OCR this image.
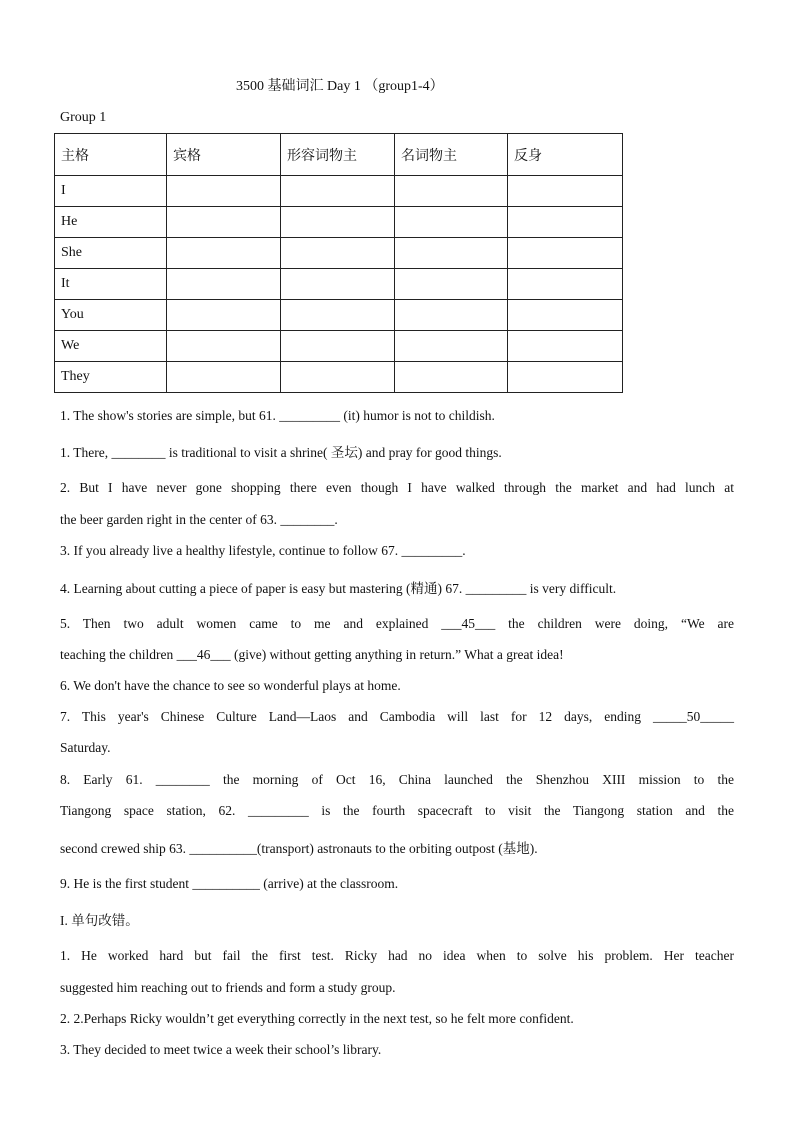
3500 基础词汇 Day 1 （group1-4）
Group 1
主格	宾格	形容词物主	名词物主	反身
I				
He				
She				
It				
You				
We				
They				
1. The show's stories are simple, but 61. _________ (it) humor is not to childish.
1. There, ________ is traditional to visit a shrine( 圣坛) and pray for good things.
2. But I have never gone shopping there even though I have walked through the market and had lunch at
the beer garden right in the center of 63. ________.
3. If you already live a healthy lifestyle, continue to follow 67. _________.
4. Learning about cutting a piece of paper is easy but mastering (精通) 67. _________ is very difficult.
5. Then two adult women came to me and explained ___45___ the children were doing, “We are
teaching the children ___46___ (give) without getting anything in return.” What a great idea!
6. We don't have the chance to see so wonderful plays at home.
7. This year's Chinese Culture Land—Laos and Cambodia will last for 12 days, ending _____50_____
Saturday.
8. Early 61. ________ the morning of Oct 16, China launched the Shenzhou XIII mission to the
Tiangong space station, 62. _________ is the fourth spacecraft to visit the Tiangong station and the
second crewed ship 63. __________(transport) astronauts to the orbiting outpost (基地).
9. He is the first student __________ (arrive) at the classroom.
I. 单句改错。
1. He worked hard but fail the first test. Ricky had no idea when to solve his problem. Her teacher
suggested him reaching out to friends and form a study group.
2. 2.Perhaps Ricky wouldn’t get everything correctly in the next test, so he felt more confident.
3. They decided to meet twice a week their school’s library.
